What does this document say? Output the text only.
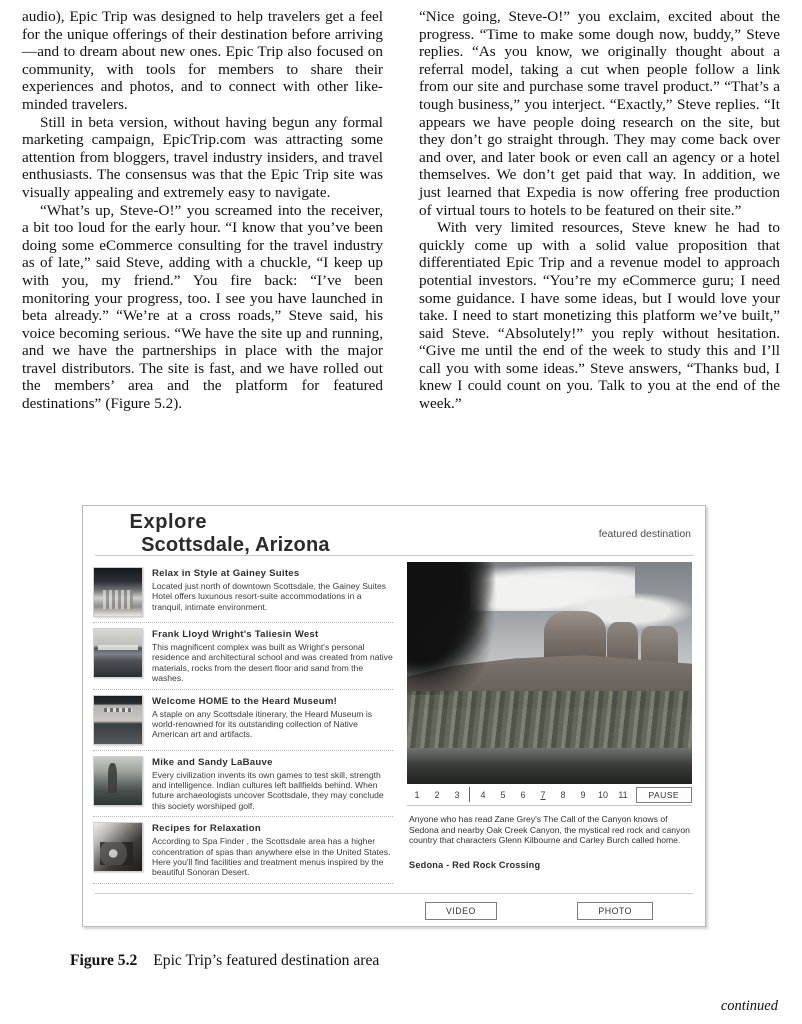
audio), Epic Trip was designed to help travelers get a feel for the unique offerings of their destination before arriving—and to dream about new ones. Epic Trip also focused on community, with tools for members to share their experiences and photos, and to connect with other like-minded travelers.

Still in beta version, without having begun any formal marketing campaign, EpicTrip.com was attracting some attention from bloggers, travel industry insiders, and travel enthusiasts. The consensus was that the Epic Trip site was visually appealing and extremely easy to navigate.

“What’s up, Steve-O!” you screamed into the receiver, a bit too loud for the early hour. “I know that you’ve been doing some eCommerce consulting for the travel industry as of late,” said Steve, adding with a chuckle, “I keep up with you, my friend.” You fire back: “I’ve been monitoring your progress, too. I see you have launched in beta already.” “We’re at a cross roads,” Steve said, his voice becoming serious. “We have the site up and running, and we have the partnerships in place with the major travel distributors. The site is fast, and we have rolled out the members’ area and the platform for featured destinations” (Figure 5.2).

“Nice going, Steve-O!” you exclaim, excited about the progress. “Time to make some dough now, buddy,” Steve replies. “As you know, we originally thought about a referral model, taking a cut when people follow a link from our site and purchase some travel product.” “That’s a tough business,” you interject. “Exactly,” Steve replies. “It appears we have people doing research on the site, but they don’t go straight through. They may come back over and over, and later book or even call an agency or a hotel themselves. We don’t get paid that way. In addition, we just learned that Expedia is now offering free production of virtual tours to hotels to be featured on their site.”

With very limited resources, Steve knew he had to quickly come up with a solid value proposition that differentiated Epic Trip and a revenue model to approach potential investors. “You’re my eCommerce guru; I need some guidance. I have some ideas, but I would love your take. I need to start monetizing this platform we’ve built,” said Steve. “Absolutely!” you reply without hesitation. “Give me until the end of the week to study this and I’ll call you with some ideas.” Steve answers, “Thanks bud, I knew I could count on you. Talk to you at the end of the week.”

Explore
Scottsdale, Arizona
	featured destination
Relax in Style at Gainey Suites
Located just north of downtown Scottsdale, the Gainey Suites Hotel offers luxunous resort-suite accommodations in a tranquil, intimate environment.
Frank Lloyd Wright's Taliesin West
This magnificent complex was built as Wright's personal residence and architectural school and was created from native materials, rocks from the desert floor and sand from the washes.
Welcome HOME to the Heard Museum!
A staple on any Scottsdale itinerary, the Heard Museum is world-renowned for its outstanding collection of Native American art and artifacts.
Mike and Sandy LaBauve
Every civilization invents its own games to test skill, strength and intelligence. Indian cultures left ballfields behind. When future archaeologists uncover Scottsdale, they may conclude this society worshiped golf.
Recipes for Relaxation
According to Spa Finder , the Scottsdale area has a higher concentration of spas than anywhere else in the United States. Here you'll find facilities and treatment menus inspired by the beautiful Sonoran Desert.
1	2	3	4	5	6	7	8	9	10	11	PAUSE
Anyone who has read Zane Grey's The Call of the Canyon knows of Sedona and nearby Oak Creek Canyon, the mystical red rock and canyon country that characters Glenn Kilbourne and Carley Burch called home.
Sedona - Red Rock Crossing
VIDEO	PHOTO
Figure 5.2 Epic Trip’s featured destination area
continued
